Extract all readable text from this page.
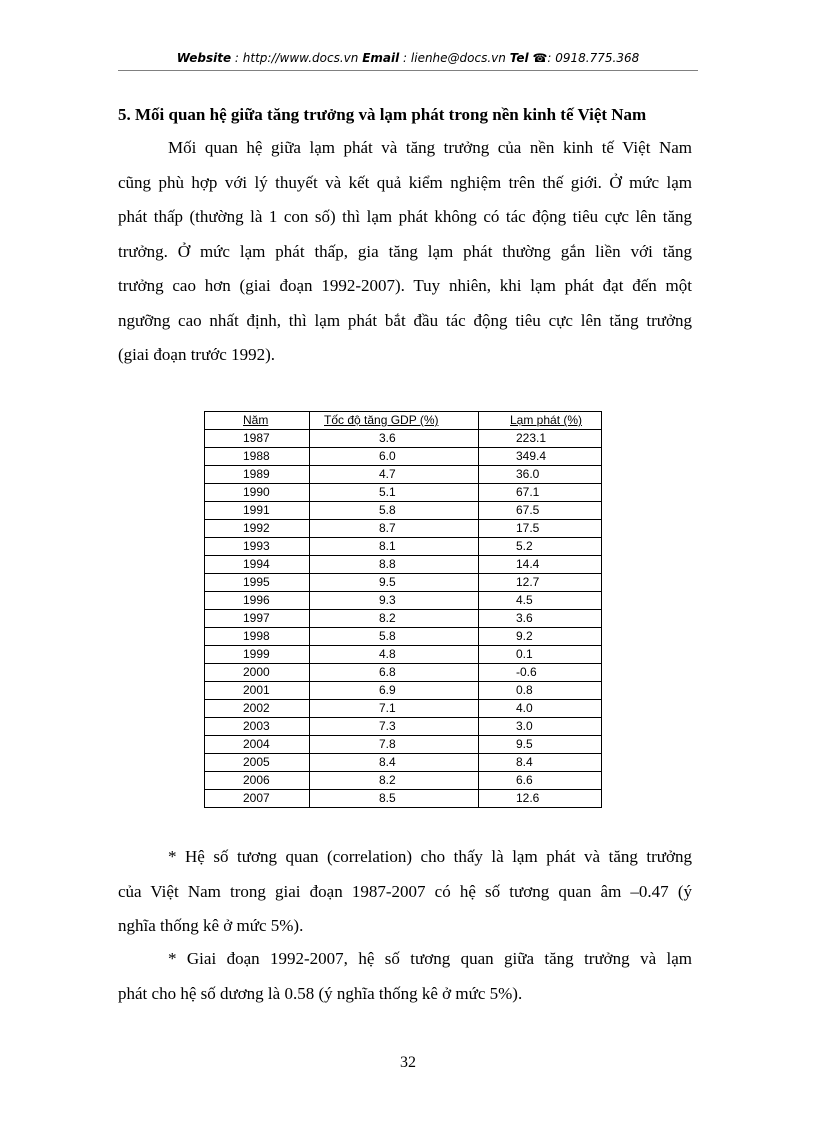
Website : http://www.docs.vn Email : lienhe@docs.vn Tel ☎: 0918.775.368
5. Mối quan hệ giữa tăng trưởng và lạm phát trong nền kinh tế Việt Nam
Mối quan hệ giữa lạm phát và tăng trưởng của nền kinh tế Việt Nam
cũng phù hợp với lý thuyết và kết quả kiểm nghiệm trên thế giới. Ở mức lạm
phát thấp (thường là 1 con số) thì lạm phát không có tác động tiêu cực lên tăng
trưởng. Ở mức lạm phát thấp, gia tăng lạm phát thường gắn liền với tăng
trưởng cao hơn (giai đoạn 1992-2007). Tuy nhiên, khi lạm phát đạt đến một
ngưỡng cao nhất định, thì lạm phát bắt đầu tác động tiêu cực lên tăng trưởng
(giai đoạn trước 1992).
Năm	Tốc độ tăng GDP (%)	Lạm phát (%)
1987	3.6	223.1
1988	6.0	349.4
1989	4.7	36.0
1990	5.1	67.1
1991	5.8	67.5
1992	8.7	17.5
1993	8.1	5.2
1994	8.8	14.4
1995	9.5	12.7
1996	9.3	4.5
1997	8.2	3.6
1998	5.8	9.2
1999	4.8	0.1
2000	6.8	-0.6
2001	6.9	0.8
2002	7.1	4.0
2003	7.3	3.0
2004	7.8	9.5
2005	8.4	8.4
2006	8.2	6.6
2007	8.5	12.6
* Hệ số tương quan (correlation) cho thấy là lạm phát và tăng trưởng
của Việt Nam trong giai đoạn 1987-2007 có hệ số tương quan âm –0.47 (ý
nghĩa thống kê ở mức 5%).
* Giai đoạn 1992-2007, hệ số tương quan giữa tăng trưởng và lạm
phát cho hệ số dương là 0.58 (ý nghĩa thống kê ở mức 5%).
32
